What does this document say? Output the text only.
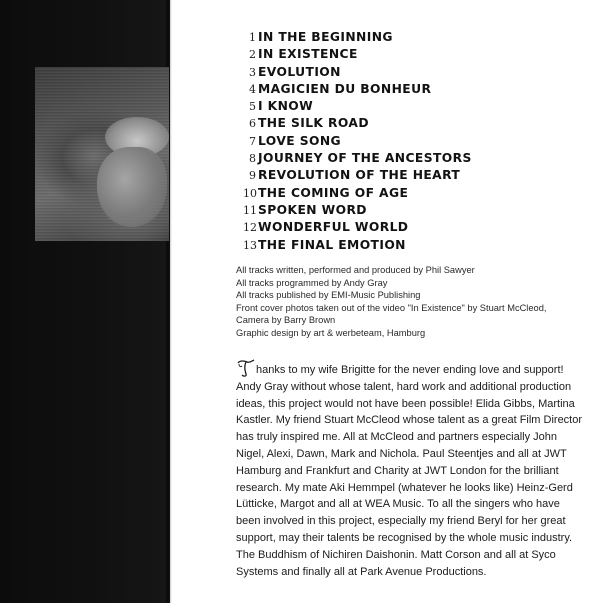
1 IN THE BEGINNING
2 IN EXISTENCE
3 EVOLUTION
4 MAGICIEN DU BONHEUR
5 I KNOW
6 THE SILK ROAD
7 LOVE SONG
8 JOURNEY OF THE ANCESTORS
9 REVOLUTION OF THE HEART
10THE COMING OF AGE
11SPOKEN WORD
12WONDERFUL WORLD
13THE FINAL EMOTION
All tracks written, performed and produced by Phil Sawyer
All tracks programmed by Andy Gray
All tracks published by EMI-Music Publishing
Front cover photos taken out of the video "In Existence" by Stuart McCleod,
Camera by Barry Brown
Graphic design by art & werbeteam, Hamburg
hanks to my wife Brigitte for the never ending love and support!
Andy Gray without whose talent, hard work and additional production
ideas, this project would not have been possible! Elida Gibbs, Martina
Kastler. My friend Stuart McCleod whose talent as a great Film Director
has truly inspired me. All at McCleod and partners especially John
Nigel, Alexi, Dawn, Mark and Nichola. Paul Steentjes and all at JWT
Hamburg and Frankfurt and Charity at JWT London for the brilliant
research. My mate Aki Hemmpel (whatever he looks like) Heinz-Gerd
Lütticke, Margot and all at WEA Music. To all the singers who have
been involved in this project, especially my friend Beryl for her great
support, may their talents be recognised by the whole music industry.
The Buddhism of Nichiren Daishonin. Matt Corson and all at Syco
Systems and finally all at Park Avenue Productions.
